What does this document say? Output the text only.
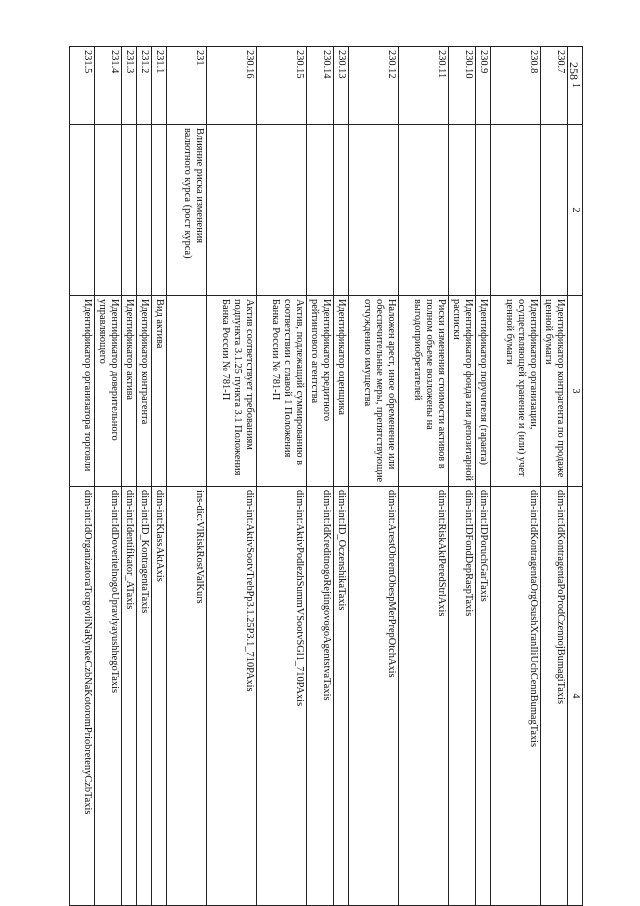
258
1	2	3	4
230.7		Идентификатор контрагента по продаже ценной бумаги	dim-int:IdKontragentaPoProdCzennojBumagiTaxis
230.8		Идентификатор организации, осуществляющей хранение и (или) учет ценной бумаги	dim-int:IdKontragentaOrgOsushXranIliUchCennBumagTaxis
230.9		Идентификатор поручителя (гаранта)	dim-int:IDPoruchGarTaxis
230.10		Идентификатор фонда или депозитарной расписки	dim-int:IDFondDepRaspTaxis
230.11		Риски изменения стоимости активов в полном объеме возложены на выгодоприобретателей	dim-int:RiskAktPeredStrlAxis
230.12		Наложен арест, иное обременение или обеспечительные меры, препятствующие отчуждению имущества	dim-int:ArestObremObespMerPrepOtchAxis
230.13		Идентификатор оценщика	dim-int:ID_OczenshikaTaxis
230.14		Идентификатор кредитного рейтингового агентства	dim-int:IdKreditnogoRejtingovogoAgentstvaTaxis
230.15		Актив, подлежащий суммированию в соответствии с главой 1 Положения Банка России № 781-П	dim-int:AktivPodlezhSummVSootvSGl1_710PAxis
230.16		Актив соответствует требованиям подпункта 3.1.25 пункта 3.1 Положения Банка России № 781-П	dim-int:AktivSootvTrebPp3.1.25P3.1_710PAxis
231	Влияние риска изменения валютного курса (рост курса)		ins-dic:VlRiskRostValKurs
231.1		Вид актива	dim-int:KlassAktAxis
231.2		Идентификатор контрагента	dim-int:ID_KontragentaTaxis
231.3		Идентификатор актива	dim-int:Identifikator_ATaxis
231.4		Идентификатор доверительного управляющего	dim-int:IdDoveritelnogoUpravlyayushhegoTaxis
231.5		Идентификатор организатора торговли	dim-int:IdOrganizatoraTorgovliNaRynkeCzbNaKotoromPriobretenyCzbTaxis
